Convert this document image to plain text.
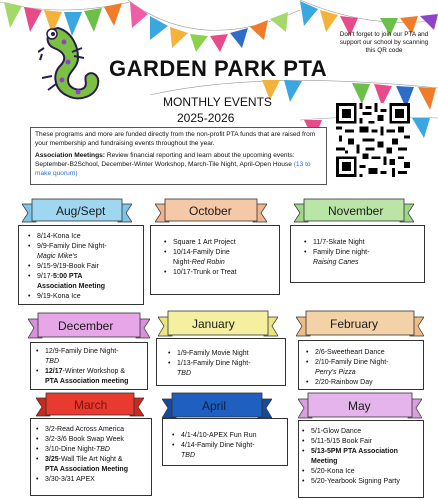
GARDEN PARK PTA
MONTHLY EVENTS
2025-2026
Don't forget to join our PTA and support our school by scanning this QR code

These programs and more are funded directly from the non-profit PTA funds that are raised from your membership and fundraising events throughout the year.

Association Meetings: Review financial reporting and learn about the upcoming events: September-B2School, December-Winter Workshop, March-Tile Night, April-Open House (13 to make quorum)

• 8/14-Kona Ice
• 9/9-Family Dine Night-
Magic Mike's
• 9/15-9/19-Book Fair
• 9/17-5:00 PTA
Association Meeting
• 9/19-Kona Ice
Aug/Sept
• Square 1 Art Project
• 10/14-Family Dine
Night-Red Robin
• 10/17-Trunk or Treat
October
• 11/7-Skate Night
• Family Dine night-
Raising Canes
November
• 12/9-Family Dine Night-
TBD
• 12/17-Winter Workshop &
PTA Association meeting
December
• 1/9-Family Movie Night
• 1/13-Family Dine Night-
TBD
January
• 2/6-Sweetheart Dance
• 2/10-Family Dine Night-
Perry's Pizza
• 2/20-Rainbow Day
February
• 3/2-Read Across America
• 3/2-3/6 Book Swap Week
• 3/10-Dine Night-TBD
• 3/25-Wall Tile Art Night &
PTA Association Meeting
• 3/30-3/31 APEX
March
• 4/1-4/10-APEX Fun Run
• 4/14-Family Dine Night-
TBD
April
• 5/1-Glow Dance
• 5/11-5/15 Book Fair
• 5/13-5PM PTA Association
Meeting
• 5/20-Kona Ice
• 5/20-Yearbook Signing Party
May
